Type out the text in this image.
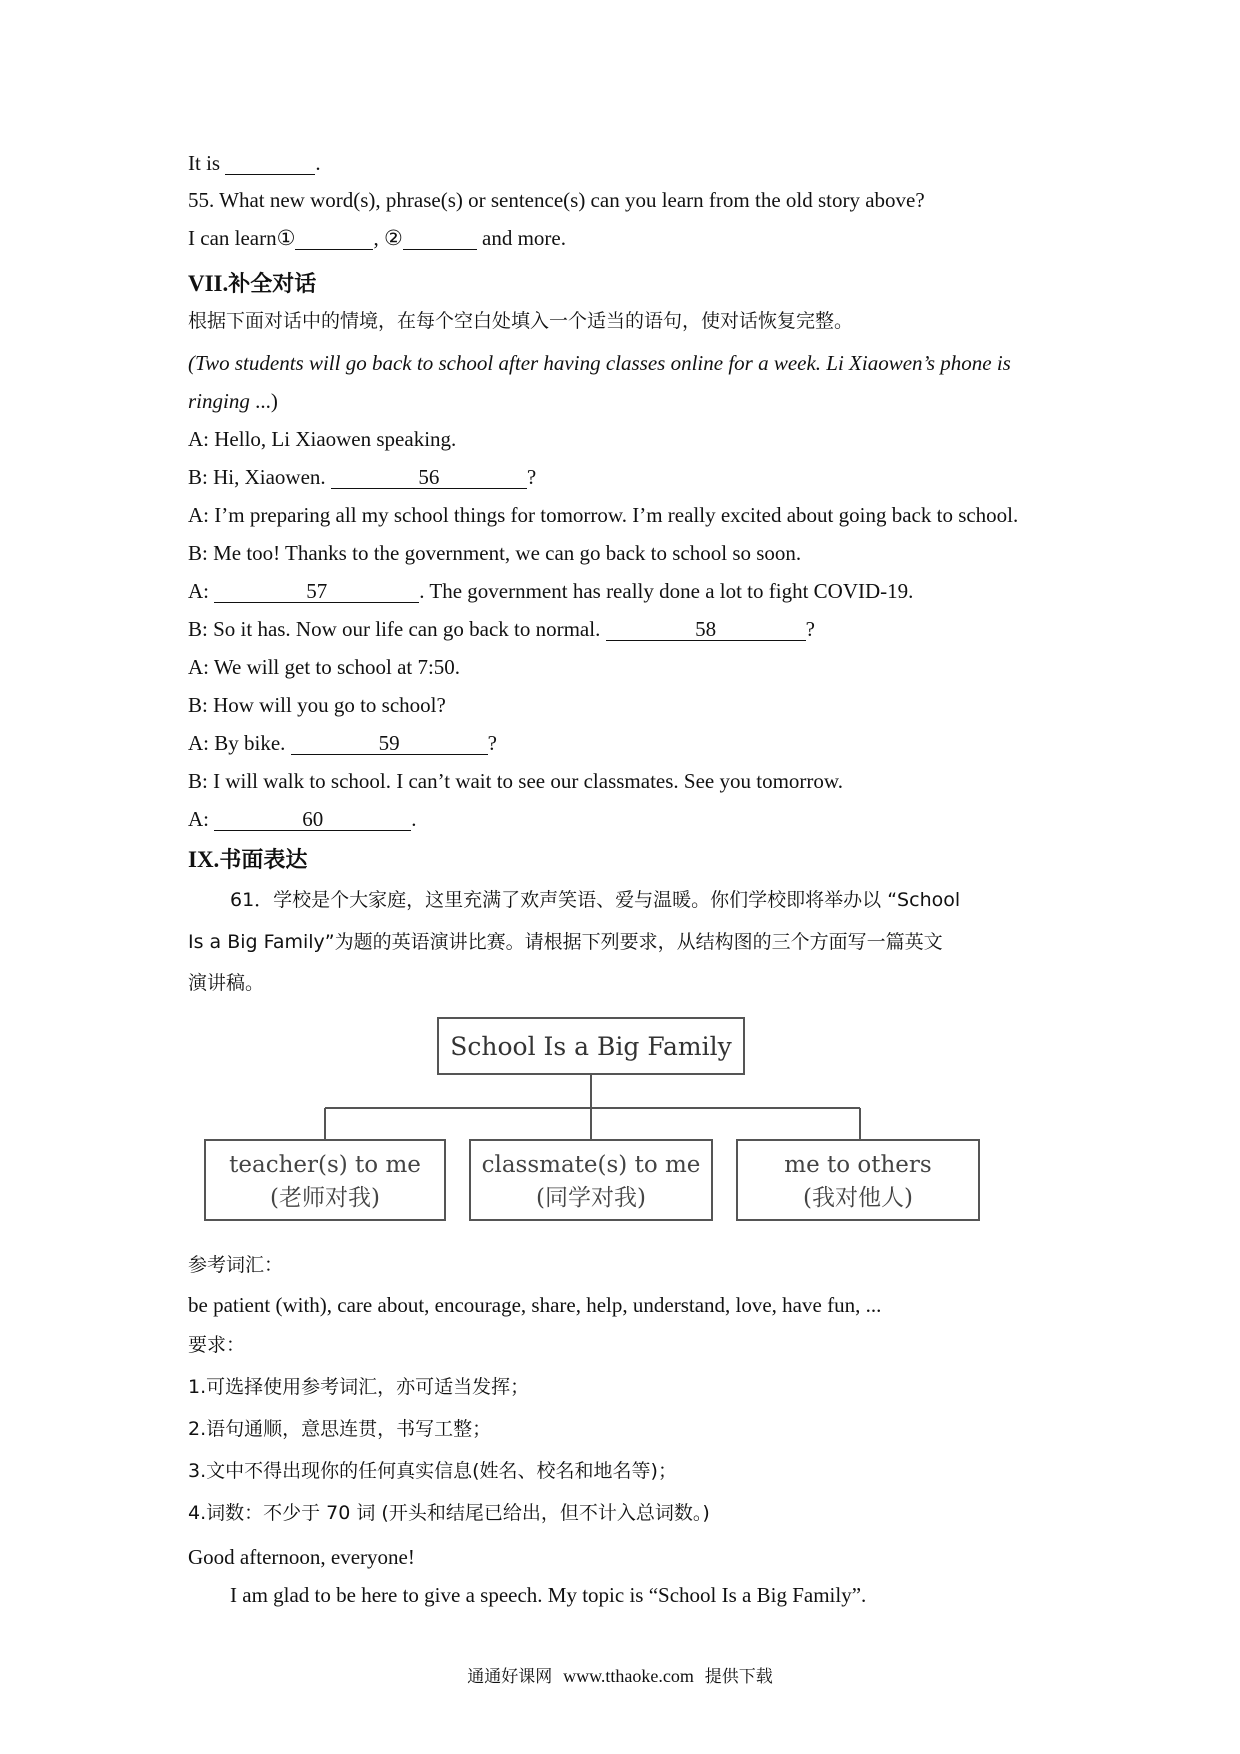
It is	.
55. What new word(s), phrase(s) or sentence(s) can you learn from the old story above?
I can learn①	, ②	and more.
VII.补全对话
根据下面对话中的情境，在每个空白处填入一个适当的语句，使对话恢复完整。
(Two students will go back to school after having classes online for a week. Li Xiaowen’s phone is
ringing ...)
A: Hello, Li Xiaowen speaking.
B: Hi, Xiaowen.	56	?
A: I’m preparing all my school things for tomorrow. I’m really excited about going back to school.
B: Me too! Thanks to the government, we can go back to school so soon.
A:	57	. The government has really done a lot to fight COVID-19.
B: So it has. Now our life can go back to normal.	58	?
A: We will get to school at 7:50.
B: How will you go to school?
A: By bike.	59	?
B: I will walk to school. I can’t wait to see our classmates. See you tomorrow.
A:	60	.
IX.书面表达
61．学校是个大家庭，这里充满了欢声笑语、爱与温暖。你们学校即将举办以 “School
Is a Big Family”为题的英语演讲比赛。请根据下列要求，从结构图的三个方面写一篇英文
演讲稿。
School Is a Big Family
teacher(s) to me
(老师对我)
classmate(s) to me
(同学对我)
me to others
(我对他人)
参考词汇：
be patient (with), care about, encourage, share, help, understand, love, have fun, ...
要求：
1.可选择使用参考词汇，亦可适当发挥；
2.语句通顺，意思连贯，书写工整；
3.文中不得出现你的任何真实信息(姓名、校名和地名等)；
4.词数：不少于 70 词 (开头和结尾已给出，但不计入总词数。)
Good afternoon, everyone!
I am glad to be here to give a speech. My topic is “School Is a Big Family”.
通通好课网 www.tthaoke.com 提供下载
